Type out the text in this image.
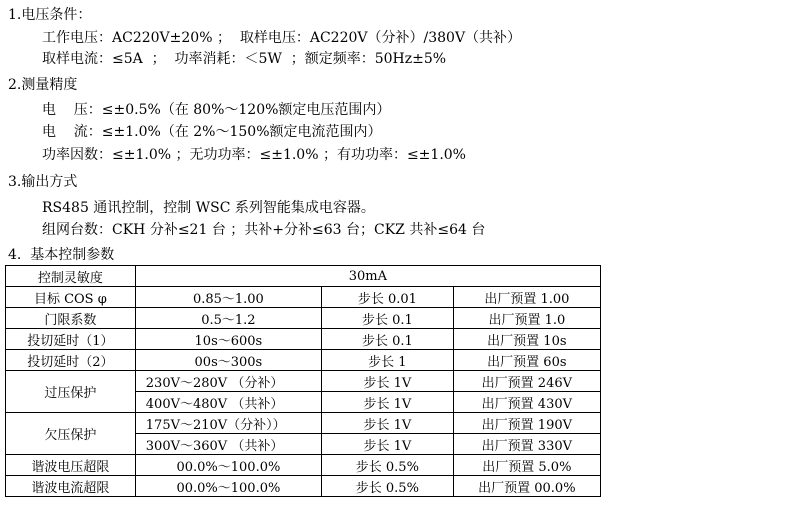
1.电压条件：
工作电压：AC220V±20% ；  取样电压：AC220V（分补）/380V（共补）
取样电流：≤5A  ；  功率消耗：＜5W  ；额定频率：50Hz±5%
2.测量精度
电    压：≤±0.5%（在 80%～120%额定电压范围内）
电    流：≤±1.0%（在 2%～150%额定电流范围内）
功率因数：≤±1.0% ；无功功率：≤±1.0% ；有功功率：≤±1.0%
3.输出方式
RS485 通讯控制，控制 WSC 系列智能集成电容器。
组网台数：CKH 分补≤21 台 ；共补+分补≤63 台；CKZ 共补≤64 台
4.  基本控制参数
控制灵敏度	30mA		
目标 COS φ	0.85～1.00	步长 0.01	出厂预置 1.00
门限系数	0.5～1.2	步长 0.1	出厂预置 1.0
投切延时（1）	10s～600s	步长 0.1	出厂预置 10s
投切延时（2）	00s～300s	步长 1	出厂预置 60s
过压保护	230V～280V （分补）	步长 1V	出厂预置 246V
	400V～480V （共补）	步长 1V	出厂预置 430V
欠压保护	175V～210V（分补））	步长 1V	出厂预置 190V
	300V～360V （共补）	步长 1V	出厂预置 330V
谐波电压超限	00.0%～100.0%	步长 0.5%	出厂预置 5.0%
谐波电流超限	00.0%～100.0%	步长 0.5%	出厂预置 00.0%
